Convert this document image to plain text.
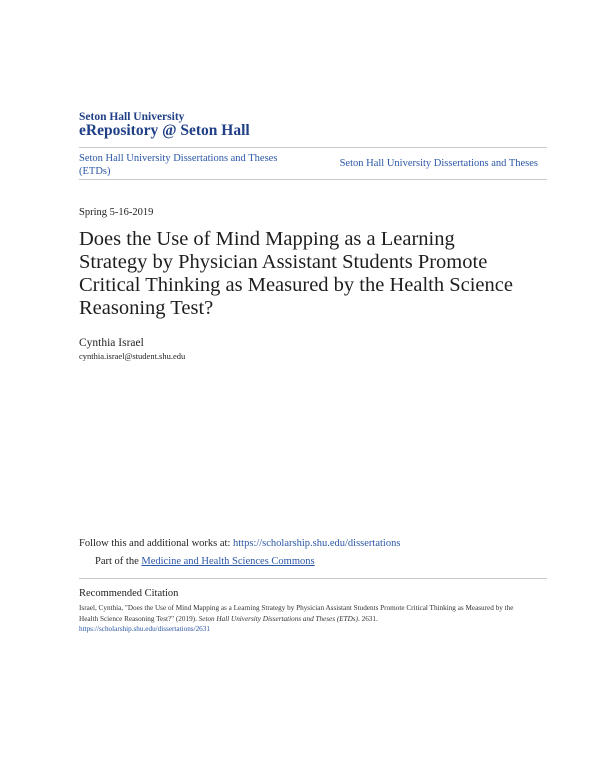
Seton Hall University
eRepository @ Seton Hall
Seton Hall University Dissertations and Theses (ETDs)
Seton Hall University Dissertations and Theses
Spring 5-16-2019
Does the Use of Mind Mapping as a Learning Strategy by Physician Assistant Students Promote Critical Thinking as Measured by the Health Science Reasoning Test?
Cynthia Israel
cynthia.israel@student.shu.edu
Follow this and additional works at: https://scholarship.shu.edu/dissertations
Part of the Medicine and Health Sciences Commons
Recommended Citation
Israel, Cynthia, "Does the Use of Mind Mapping as a Learning Strategy by Physician Assistant Students Promote Critical Thinking as Measured by the Health Science Reasoning Test?" (2019). Seton Hall University Dissertations and Theses (ETDs). 2631.
https://scholarship.shu.edu/dissertations/2631
